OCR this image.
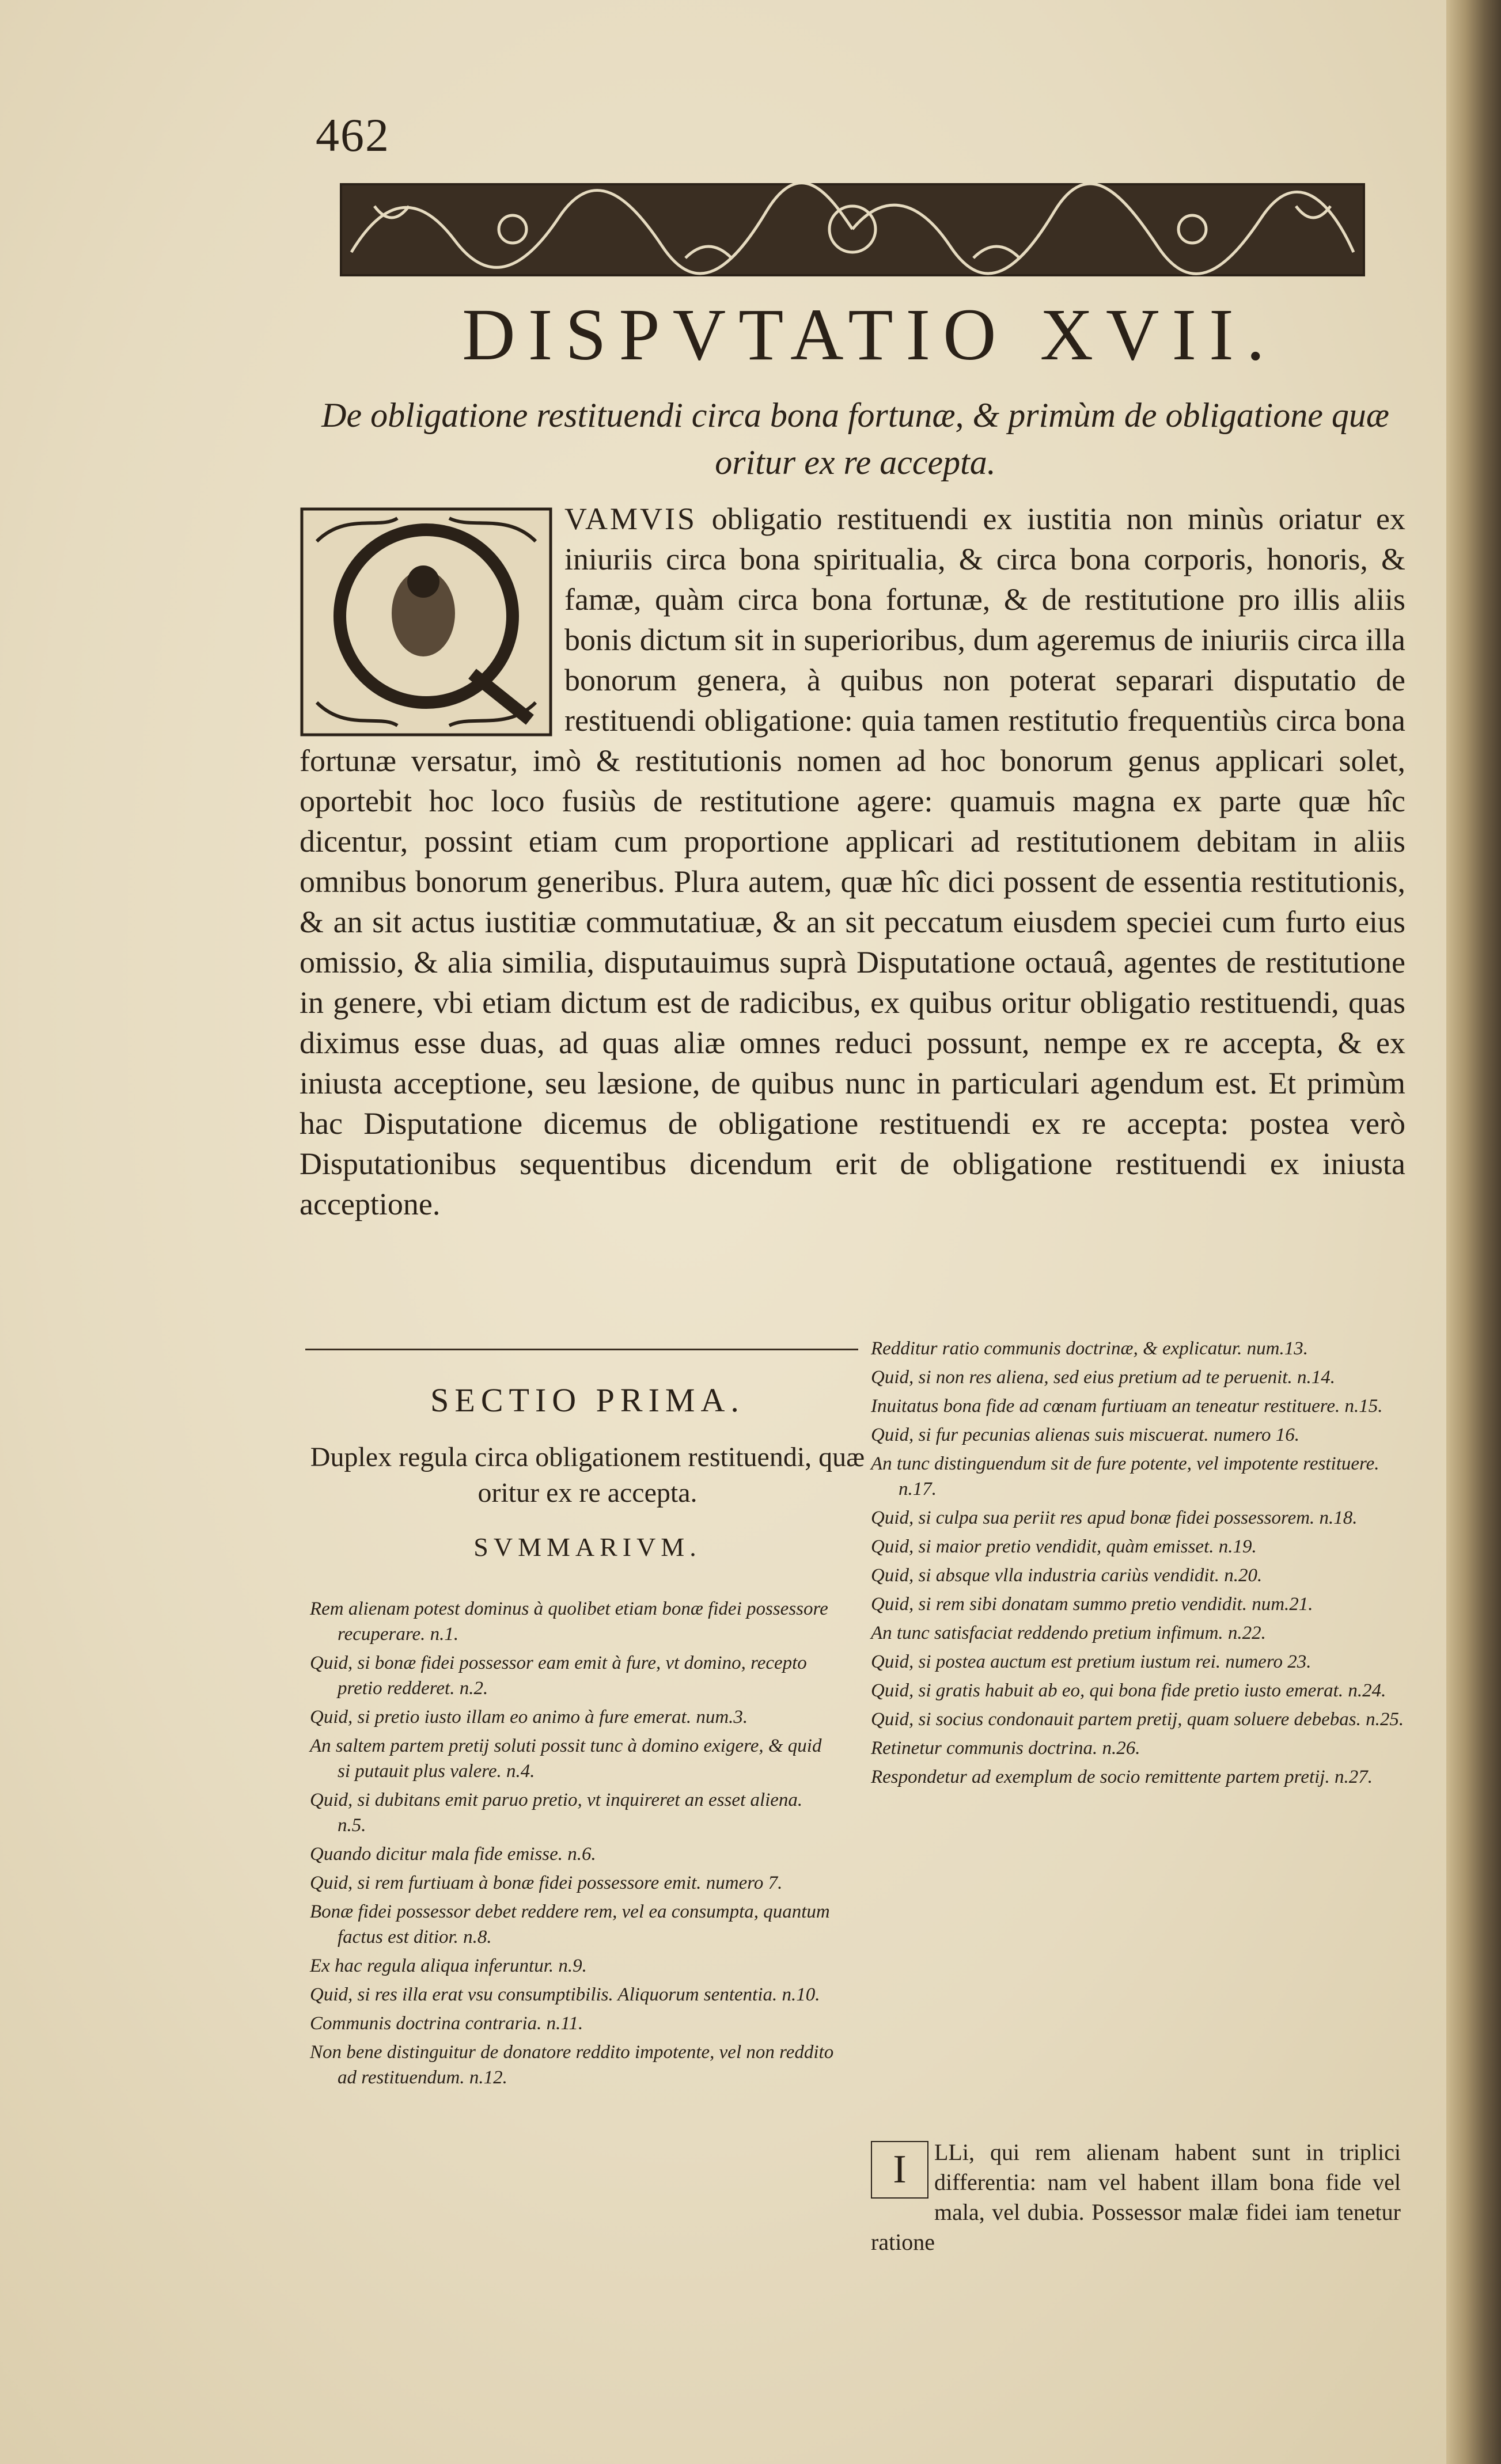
462
DISPVTATIO XVII.
De obligatione restituendi circa bona fortunæ, & primùm de obligatione quæ oritur ex re accepta.
VAMVIS obligatio restituendi ex iustitia non minùs oriatur ex iniuriis circa bona spiritualia, & circa bona corporis, honoris, & famæ, quàm circa bona fortunæ, & de restitutione pro illis aliis bonis dictum sit in superioribus, dum ageremus de iniuriis circa illa bonorum genera, à quibus non poterat separari disputatio de restituendi obligatione: quia tamen restitutio frequentiùs circa bona fortunæ versatur, imò & restitutionis nomen ad hoc bonorum genus applicari solet, oportebit hoc loco fusiùs de restitutione agere: quamuis magna ex parte quæ hîc dicentur, possint etiam cum proportione applicari ad restitutionem debitam in aliis omnibus bonorum generibus. Plura autem, quæ hîc dici possent de essentia restitutionis, & an sit actus iustitiæ commutatiuæ, & an sit peccatum eiusdem speciei cum furto eius omissio, & alia similia, disputauimus suprà Disputatione octauâ, agentes de restitutione in genere, vbi etiam dictum est de radicibus, ex quibus oritur obligatio restituendi, quas diximus esse duas, ad quas aliæ omnes reduci possunt, nempe ex re accepta, & ex iniusta acceptione, seu læsione, de quibus nunc in particulari agendum est. Et primùm hac Disputatione dicemus de obligatione restituendi ex re accepta: postea verò Disputationibus sequentibus dicendum erit de obligatione restituendi ex iniusta acceptione.
SECTIO PRIMA.
Duplex regula circa obligationem restituendi, quæ oritur ex re accepta.
SVMMARIVM.
Rem alienam potest dominus à quolibet etiam bonæ fidei possessore recuperare. n.1.
Quid, si bonæ fidei possessor eam emit à fure, vt domino, recepto pretio redderet. n.2.
Quid, si pretio iusto illam eo animo à fure emerat. num.3.
An saltem partem pretij soluti possit tunc à domino exigere, & quid si putauit plus valere. n.4.
Quid, si dubitans emit paruo pretio, vt inquireret an esset aliena. n.5.
Quando dicitur mala fide emisse. n.6.
Quid, si rem furtiuam à bonæ fidei possessore emit. numero 7.
Bonæ fidei possessor debet reddere rem, vel ea consumpta, quantum factus est ditior. n.8.
Ex hac regula aliqua inferuntur. n.9.
Quid, si res illa erat vsu consumptibilis. Aliquorum sententia. n.10.
Communis doctrina contraria. n.11.
Non bene distinguitur de donatore reddito impotente, vel non reddito ad restituendum. n.12.
Redditur ratio communis doctrinæ, & explicatur. num.13.
Quid, si non res aliena, sed eius pretium ad te peruenit. n.14.
Inuitatus bona fide ad cœnam furtiuam an teneatur restituere. n.15.
Quid, si fur pecunias alienas suis miscuerat. numero 16.
An tunc distinguendum sit de fure potente, vel impotente restituere. n.17.
Quid, si culpa sua periit res apud bonæ fidei possessorem. n.18.
Quid, si maior pretio vendidit, quàm emisset. n.19.
Quid, si absque vlla industria cariùs vendidit. n.20.
Quid, si rem sibi donatam summo pretio vendidit. num.21.
An tunc satisfaciat reddendo pretium infimum. n.22.
Quid, si postea auctum est pretium iustum rei. numero 23.
Quid, si gratis habuit ab eo, qui bona fide pretio iusto emerat. n.24.
Quid, si socius condonauit partem pretij, quam soluere debebas. n.25.
Retinetur communis doctrina. n.26.
Respondetur ad exemplum de socio remittente partem pretij. n.27.
I	LLi, qui rem alienam habent sunt in triplici differentia: nam vel habent illam bona fide vel mala, vel dubia. Possessor malæ fidei iam tenetur ratione
